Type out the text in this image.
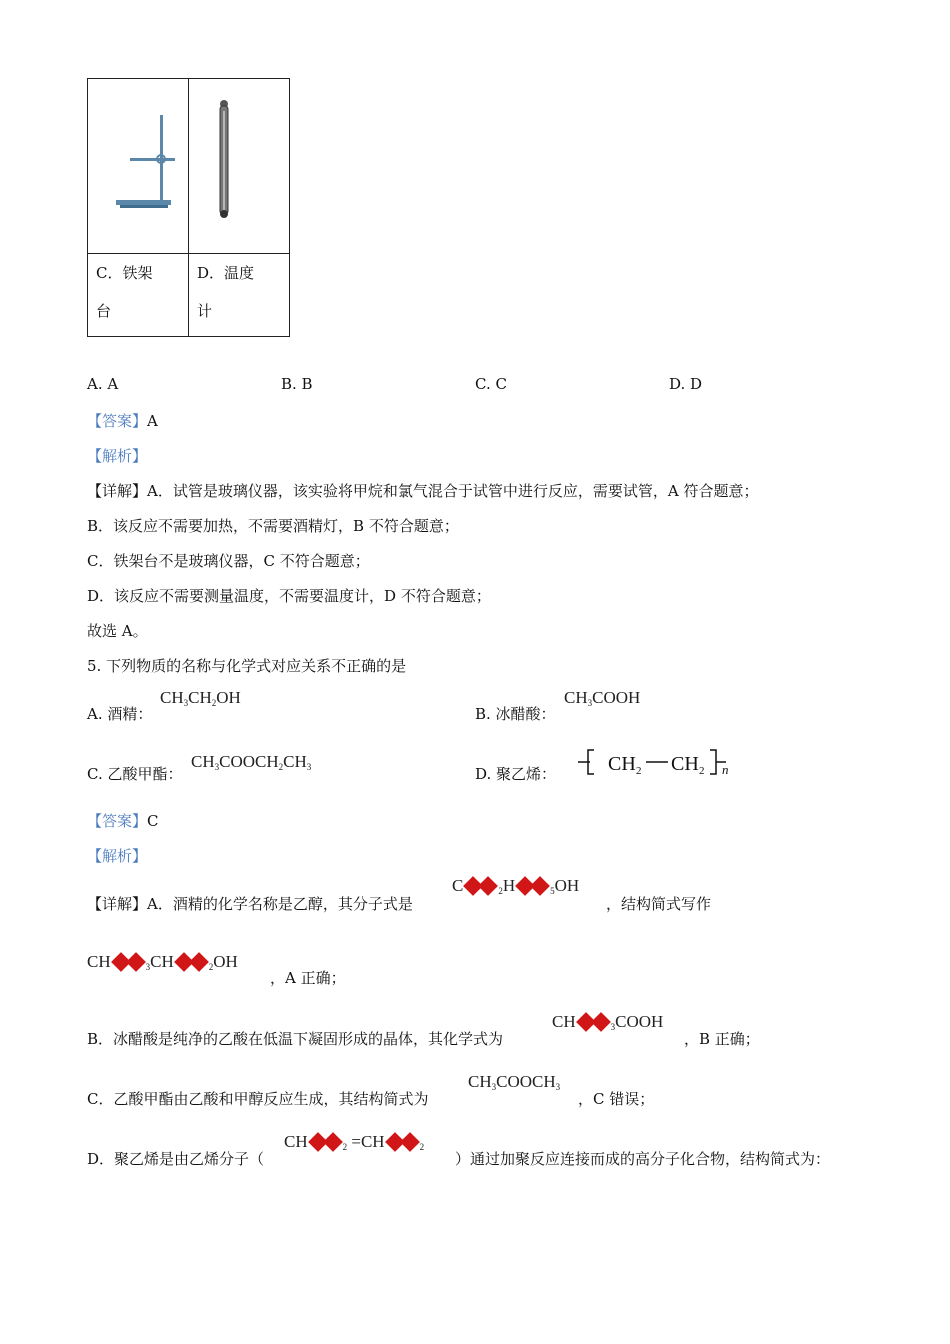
C．铁架
台	D．温度
计
A. A	B. B	C. C	D. D
【答案】A
【解析】
【详解】A．试管是玻璃仪器，该实验将甲烷和氯气混合于试管中进行反应，需要试管，A 符合题意；
B．该反应不需要加热，不需要酒精灯，B 不符合题意；
C．铁架台不是玻璃仪器，C 不符合题意；
D．该反应不需要测量温度，不需要温度计，D 不符合题意；
故选 A。
5. 下列物质的名称与化学式对应关系不正确的是
A. 酒精：
$CH_3CH_2OH$
B. 冰醋酸：
$CH_3COOH$
C. 乙酸甲酯：
$CH_3COOCH_2CH_3$	D. 聚乙烯：	CH 2 CH 2 n
【答案】C
【解析】
【详解】A．酒精的化学名称是乙醇，其分子式是
C	$_2$H	$_5$OH
，结构简式写作
CH	$_3$CH	$_2$OH
，A 正确；
B．冰醋酸是纯净的乙酸在低温下凝固形成的晶体，其化学式为
CH	$_3$COOH
，B 正确；
C．乙酸甲酯由乙酸和甲醇反应生成，其结构简式为
$CH_3COOCH_3$
，C 错误；
D．聚乙烯是由乙烯分子（
CH	$_2$ =CH	$_2$
）通过加聚反应连接而成的高分子化合物，结构简式为：
